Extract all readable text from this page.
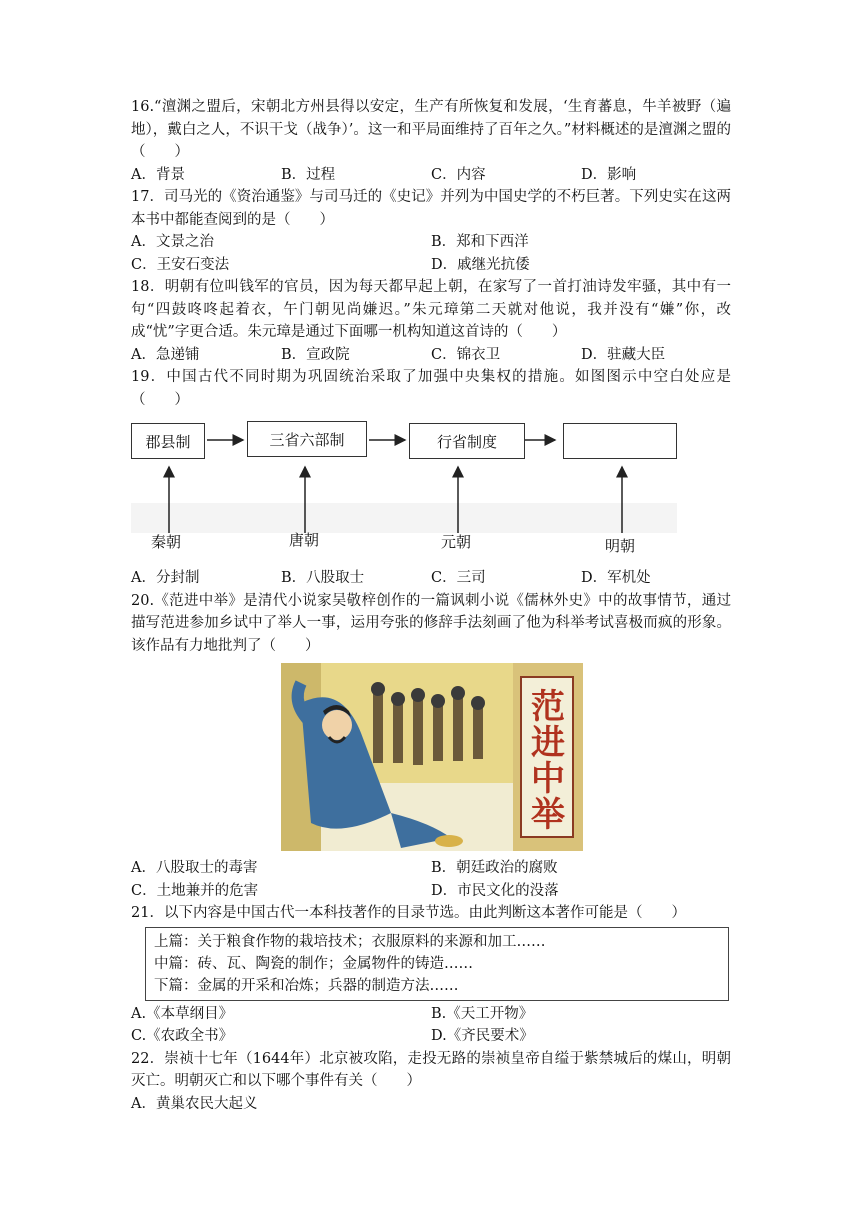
16.“澶渊之盟后，宋朝北方州县得以安定，生产有所恢复和发展，‘生育蕃息，牛羊被野（遍地），戴白之人，不识干戈（战争）’。这一和平局面维持了百年之久。”材料概述的是澶渊之盟的（　　）

A．背景	B．过程	C．内容	D．影响

17．司马光的《资治通鉴》与司马迁的《史记》并列为中国史学的不朽巨著。下列史实在这两本书中都能查阅到的是（　　）

A．文景之治	B．郑和下西洋
C．王安石变法	D．戚继光抗倭

18．明朝有位叫钱军的官员，因为每天都早起上朝，在家写了一首打油诗发牢骚，其中有一句“四鼓咚咚起着衣，午门朝见尚嫌迟。”朱元璋第二天就对他说，我并没有“嫌”你，改成“忧”字更合适。朱元璋是通过下面哪一机构知道这首诗的（　　）

A．急递铺	B．宣政院	C．锦衣卫	D．驻藏大臣

19．中国古代不同时期为巩固统治采取了加强中央集权的措施。如图图示中空白处应是（　　）

郡县制	三省六部制	行省制度
秦朝	唐朝	元朝	明朝
A．分封制	B．八股取士	C．三司	D．军机处

20.《范进中举》是清代小说家吴敬梓创作的一篇讽刺小说《儒林外史》中的故事情节，通过描写范进参加乡试中了举人一事，运用夸张的修辞手法刻画了他为科举考试喜极而疯的形象。该作品有力地批判了（　　）

范进中举
A．八股取士的毒害	B．朝廷政治的腐败
C．土地兼并的危害	D．市民文化的没落

21．以下内容是中国古代一本科技著作的目录节选。由此判断这本著作可能是（　　）

上篇：关于粮食作物的栽培技术；衣服原料的来源和加工……
中篇：砖、瓦、陶瓷的制作；金属物件的铸造……
下篇：金属的开采和冶炼；兵器的制造方法……
A.《本草纲目》	B.《天工开物》
C.《农政全书》	D.《齐民要术》

22．崇祯十七年（1644年）北京被攻陷，走投无路的崇祯皇帝自缢于紫禁城后的煤山，明朝灭亡。明朝灭亡和以下哪个事件有关（　　）

A．黄巢农民大起义
